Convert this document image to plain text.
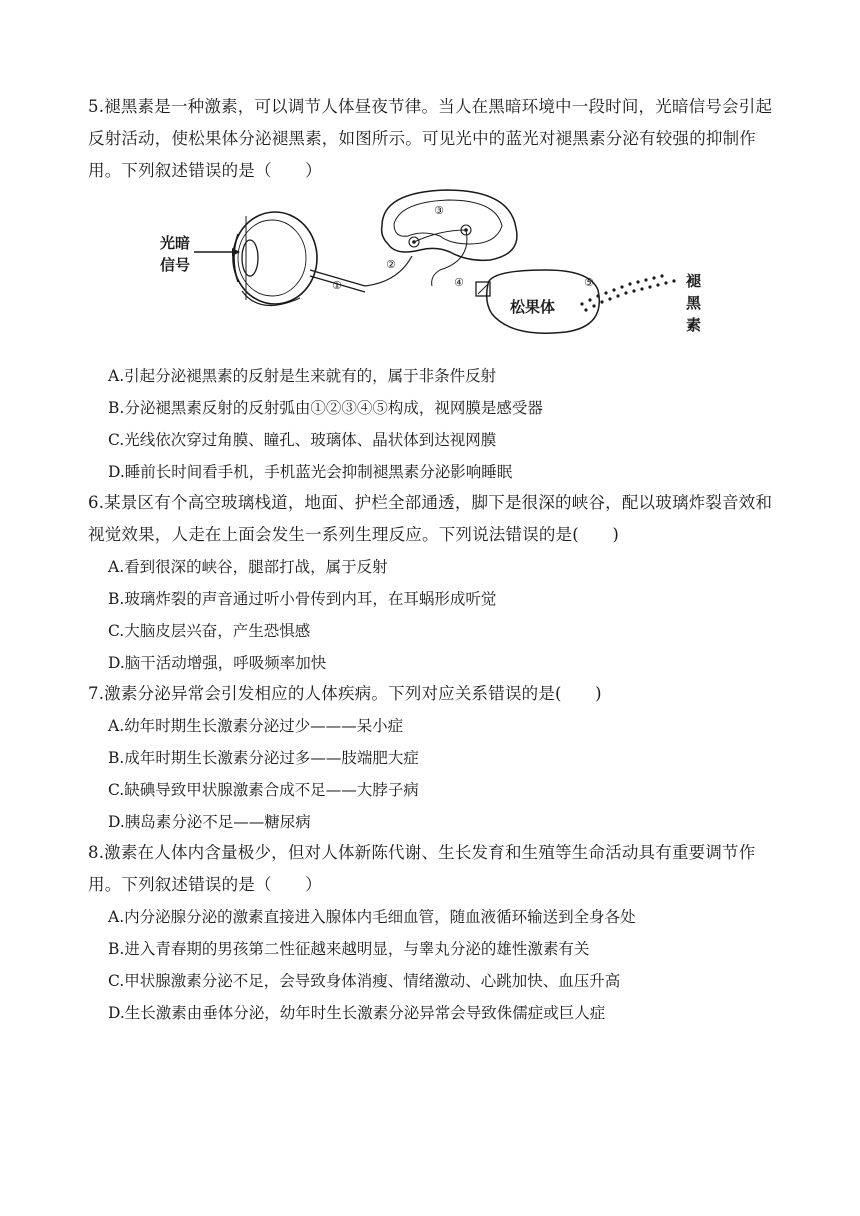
5.褪黑素是一种激素，可以调节人体昼夜节律。当人在黑暗环境中一段时间，光暗信号会引起反射活动，使松果体分泌褪黑素，如图所示。可见光中的蓝光对褪黑素分泌有较强的抑制作用。下列叙述错误的是（　　）
光暗
信号
①
②
③
④
松果体
⑤	褪
黑
素
A.引起分泌褪黑素的反射是生来就有的，属于非条件反射
B.分泌褪黑素反射的反射弧由①②③④⑤构成，视网膜是感受器
C.光线依次穿过角膜、瞳孔、玻璃体、晶状体到达视网膜
D.睡前长时间看手机，手机蓝光会抑制褪黑素分泌影响睡眠
6.某景区有个高空玻璃栈道，地面、护栏全部通透，脚下是很深的峡谷，配以玻璃炸裂音效和视觉效果，人走在上面会发生一系列生理反应。下列说法错误的是(　　)
A.看到很深的峡谷，腿部打战，属于反射
B.玻璃炸裂的声音通过听小骨传到内耳，在耳蜗形成听觉
C.大脑皮层兴奋，产生恐惧感
D.脑干活动增强，呼吸频率加快
7.激素分泌异常会引发相应的人体疾病。下列对应关系错误的是(　　)
A.幼年时期生长激素分泌过少———呆小症
B.成年时期生长激素分泌过多——肢端肥大症
C.缺碘导致甲状腺激素合成不足——大脖子病
D.胰岛素分泌不足——糖尿病
8.激素在人体内含量极少，但对人体新陈代谢、生长发育和生殖等生命活动具有重要调节作用。下列叙述错误的是（　　）
A.内分泌腺分泌的激素直接进入腺体内毛细血管，随血液循环输送到全身各处
B.进入青春期的男孩第二性征越来越明显，与睾丸分泌的雄性激素有关
C.甲状腺激素分泌不足，会导致身体消瘦、情绪激动、心跳加快、血压升高
D.生长激素由垂体分泌，幼年时生长激素分泌异常会导致侏儒症或巨人症
